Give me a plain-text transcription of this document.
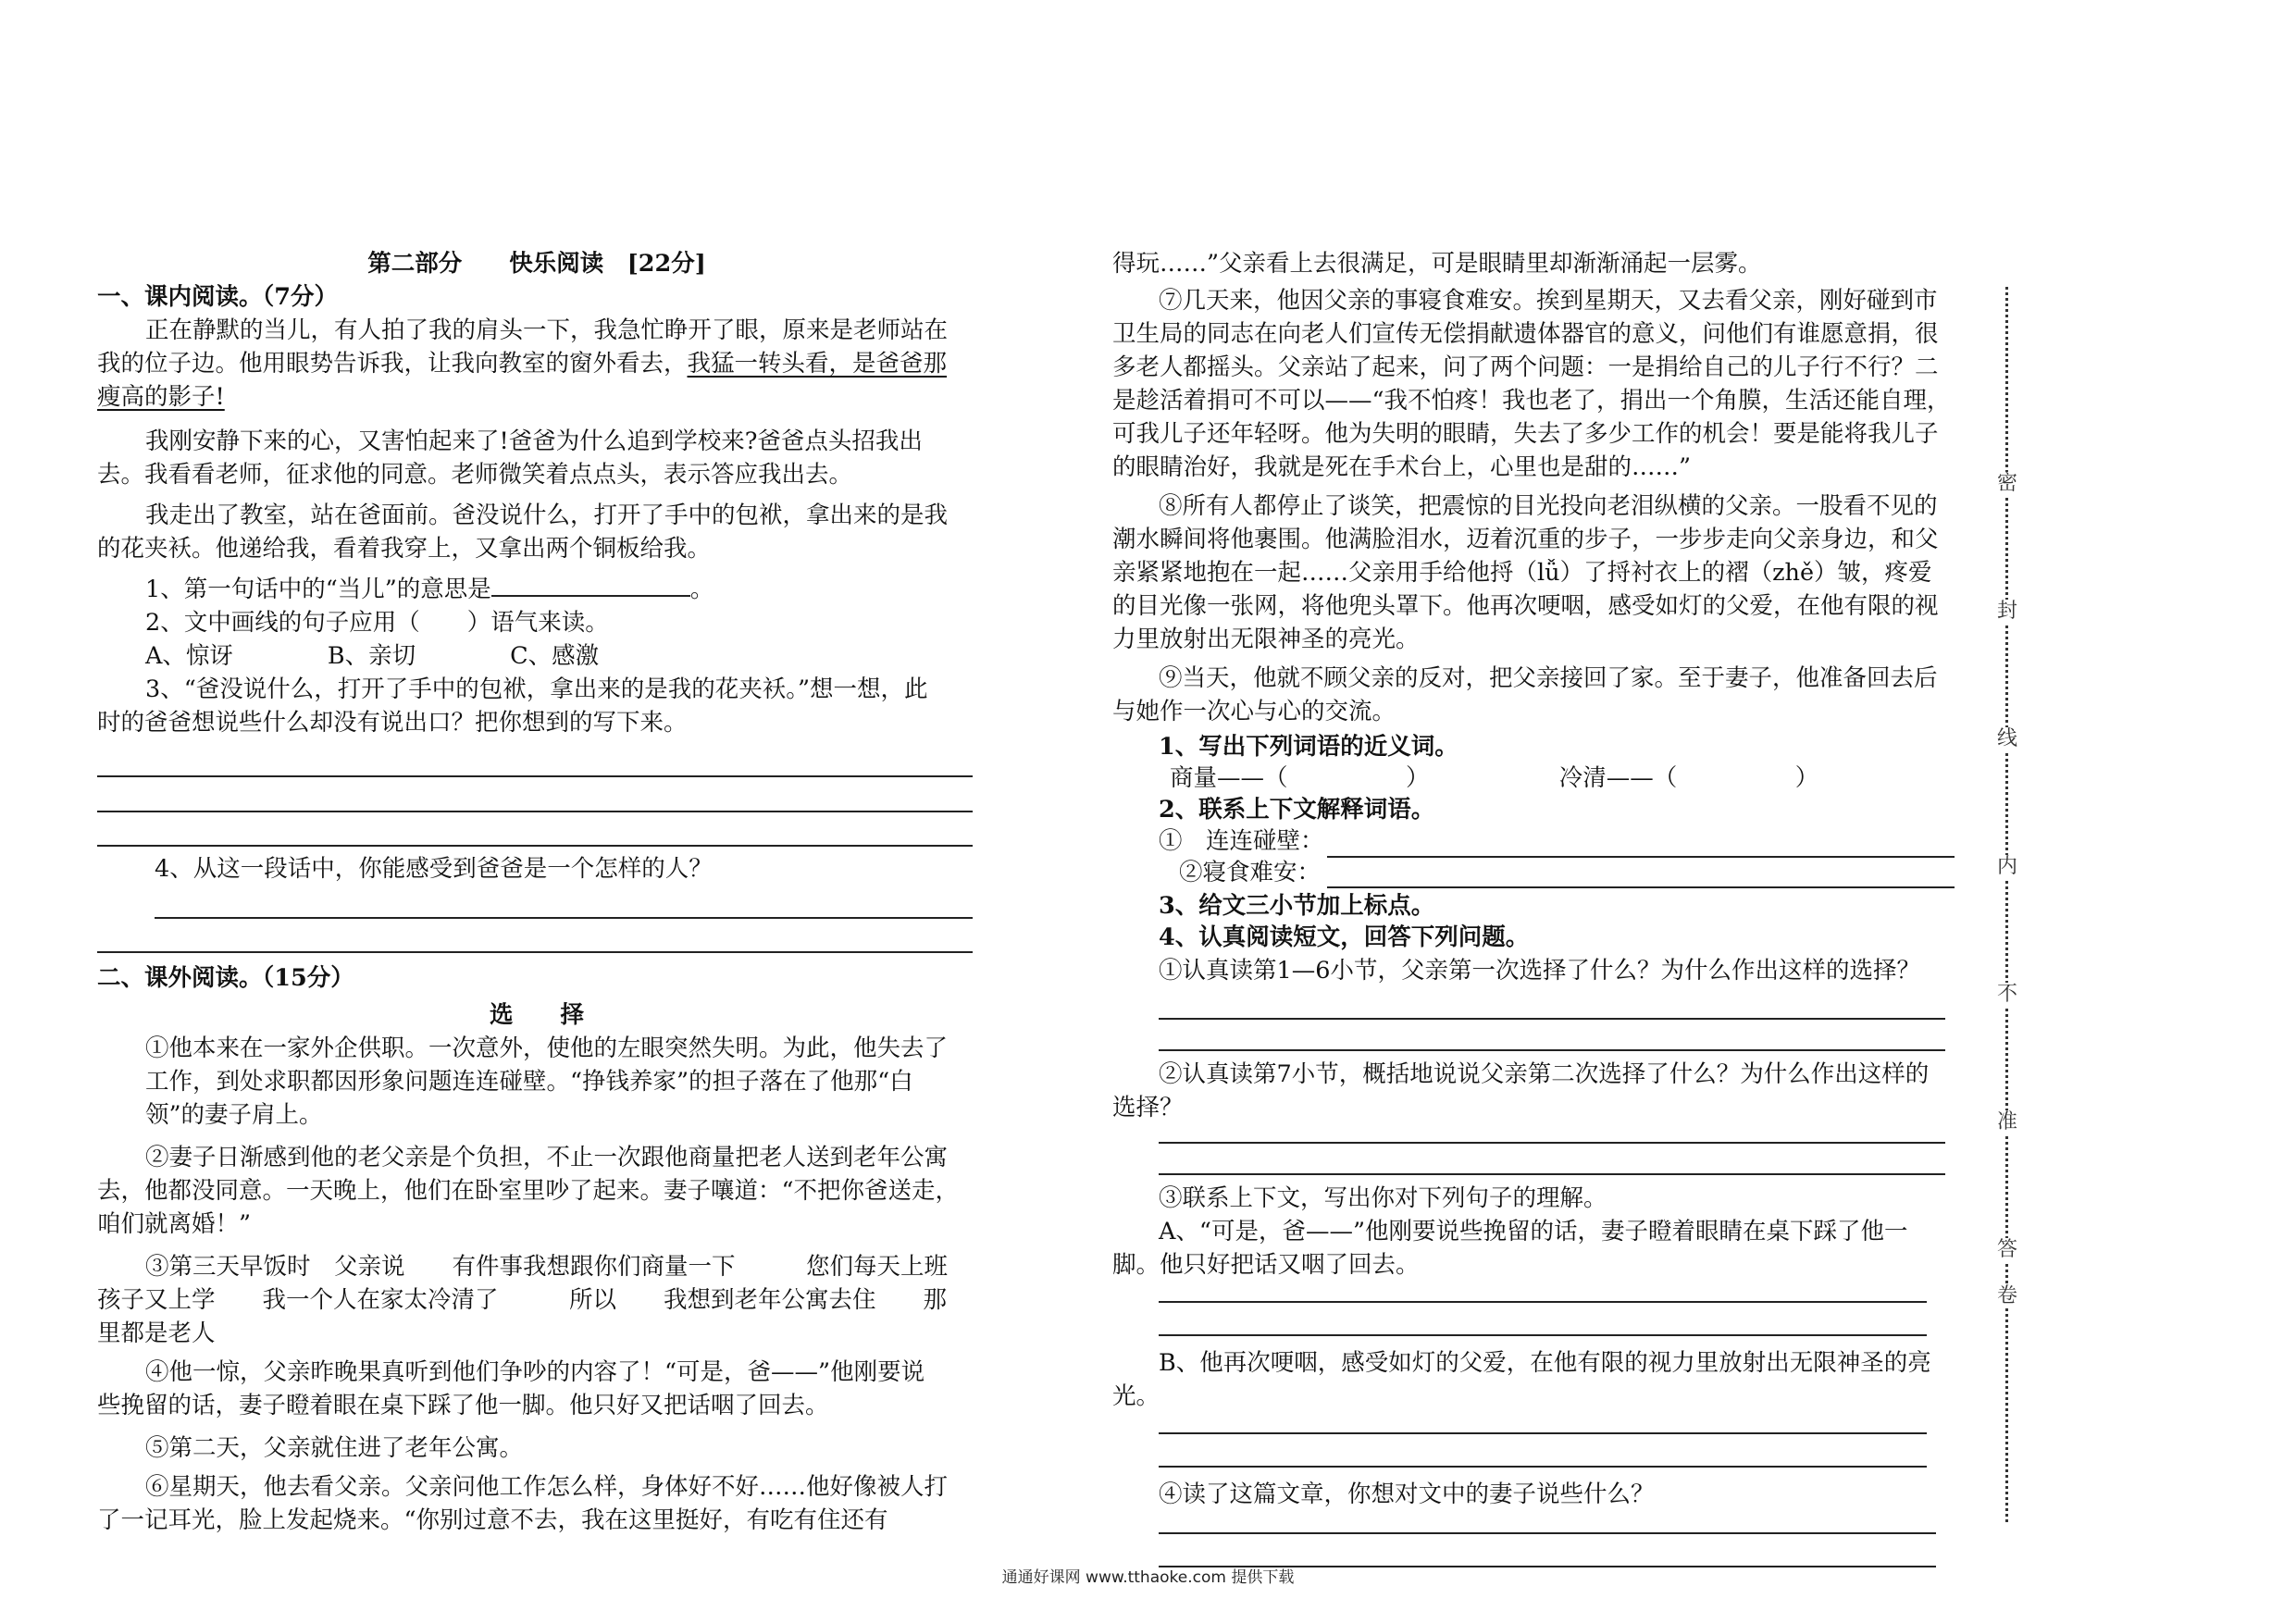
第二部分　　快乐阅读　[22分]
一、课内阅读。（7分）
正在静默的当儿，有人拍了我的肩头一下，我急忙睁开了眼，原来是老师站在
我的位子边。他用眼势告诉我，让我向教室的窗外看去，我猛一转头看，是爸爸那
瘦高的影子!
我刚安静下来的心，又害怕起来了!爸爸为什么追到学校来?爸爸点头招我出
去。我看看老师，征求他的同意。老师微笑着点点头，表示答应我出去。
我走出了教室，站在爸面前。爸没说什么，打开了手中的包袱，拿出来的是我
的花夹袄。他递给我，看着我穿上，又拿出两个铜板给我。
1、第一句话中的“当儿”的意思是	。
2、文中画线的句子应用（　　）语气来读。
A、惊讶　　　　B、亲切　　　　C、感激
3、“爸没说什么，打开了手中的包袱，拿出来的是我的花夹袄。”想一想，此
时的爸爸想说些什么却没有说出口？把你想到的写下来。
4、从这一段话中，你能感受到爸爸是一个怎样的人？
二、课外阅读。（15分）
选　　择
①他本来在一家外企供职。一次意外，使他的左眼突然失明。为此，他失去了
工作，到处求职都因形象问题连连碰壁。“挣钱养家”的担子落在了他那“白
领”的妻子肩上。
②妻子日渐感到他的老父亲是个负担，不止一次跟他商量把老人送到老年公寓
去，他都没同意。一天晚上，他们在卧室里吵了起来。妻子嚷道：“不把你爸送走，
咱们就离婚！”
③第三天早饭时　父亲说　　有件事我想跟你们商量一下　　　您们每天上班
孩子又上学　　我一个人在家太冷清了　　　所以　　我想到老年公寓去住　　那
里都是老人
④他一惊，父亲昨晚果真听到他们争吵的内容了！“可是，爸——”他刚要说
些挽留的话，妻子瞪着眼在桌下踩了他一脚。他只好又把话咽了回去。
⑤第二天，父亲就住进了老年公寓。
⑥星期天，他去看父亲。父亲问他工作怎么样，身体好不好……他好像被人打
了一记耳光，脸上发起烧来。“你别过意不去，我在这里挺好，有吃有住还有
得玩……”父亲看上去很满足，可是眼睛里却渐渐涌起一层雾。
⑦几天来，他因父亲的事寝食难安。挨到星期天，又去看父亲，刚好碰到市
卫生局的同志在向老人们宣传无偿捐献遗体器官的意义，问他们有谁愿意捐，很
多老人都摇头。父亲站了起来，问了两个问题：一是捐给自己的儿子行不行？二
是趁活着捐可不可以——“我不怕疼！我也老了，捐出一个角膜，生活还能自理，
可我儿子还年轻呀。他为失明的眼睛，失去了多少工作的机会！要是能将我儿子
的眼睛治好，我就是死在手术台上，心里也是甜的……”
⑧所有人都停止了谈笑，把震惊的目光投向老泪纵横的父亲。一股看不见的
潮水瞬间将他裹围。他满脸泪水，迈着沉重的步子，一步步走向父亲身边，和父
亲紧紧地抱在一起……父亲用手给他捋（lǚ）了捋衬衣上的褶（zhě）皱，疼爱
的目光像一张网，将他兜头罩下。他再次哽咽，感受如灯的父爱，在他有限的视
力里放射出无限神圣的亮光。
⑨当天，他就不顾父亲的反对，把父亲接回了家。至于妻子，他准备回去后
与她作一次心与心的交流。
1、写出下列词语的近义词。
商量——（　　　　　）　　　　　　冷清——（　　　　　）
2、联系上下文解释词语。
①　连连碰壁：
②寝食难安：
3、给文三小节加上标点。
4、认真阅读短文，回答下列问题。
①认真读第1—6小节，父亲第一次选择了什么？为什么作出这样的选择？
②认真读第7小节，概括地说说父亲第二次选择了什么？为什么作出这样的
选择？
③联系上下文，写出你对下列句子的理解。
A、“可是，爸——”他刚要说些挽留的话，妻子瞪着眼睛在桌下踩了他一
脚。他只好把话又咽了回去。
B、他再次哽咽，感受如灯的父爱，在他有限的视力里放射出无限神圣的亮
光。
④读了这篇文章，你想对文中的妻子说些什么？
密
封
线
内
不
准
答
卷
通通好课网 www.tthaoke.com 提供下载
